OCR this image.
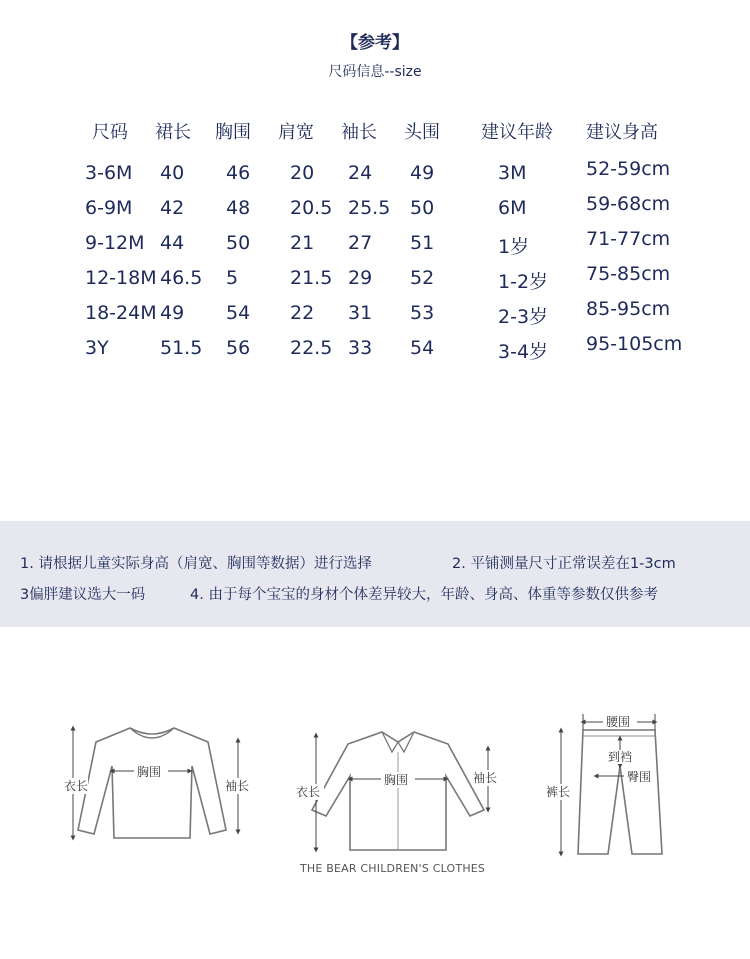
【参考】
尺码信息--size
尺码 裙长 胸围 肩宽 袖长 头围 建议年龄 建议身高
3-6M 40 46 20 24 49	3M	52-59cm
6-9M 42 48 20.5 25.5 50	6M	59-68cm
9-12M 44 50 21 27 51	1岁	71-77cm
12-18M 46.5 5	21.5 29 52	1-2岁 75-85cm
18-24M 49 54 22 31 53	2-3岁 85-95cm
3Y	51.5 56 22.5 33 54	3-4岁 95-105cm
1. 请根据儿童实际身高（肩宽、胸围等数据）进行选择	2. 平铺测量尺寸正常误差在1-3cm
3偏胖建议选大一码	4. 由于每个宝宝的身材个体差异较大，年龄、身高、体重等参数仅供参考
衣长
胸围
袖长	衣长
胸围	袖长
腰围
到裆
臀围
裤长
THE BEAR CHILDREN'S CLOTHES
